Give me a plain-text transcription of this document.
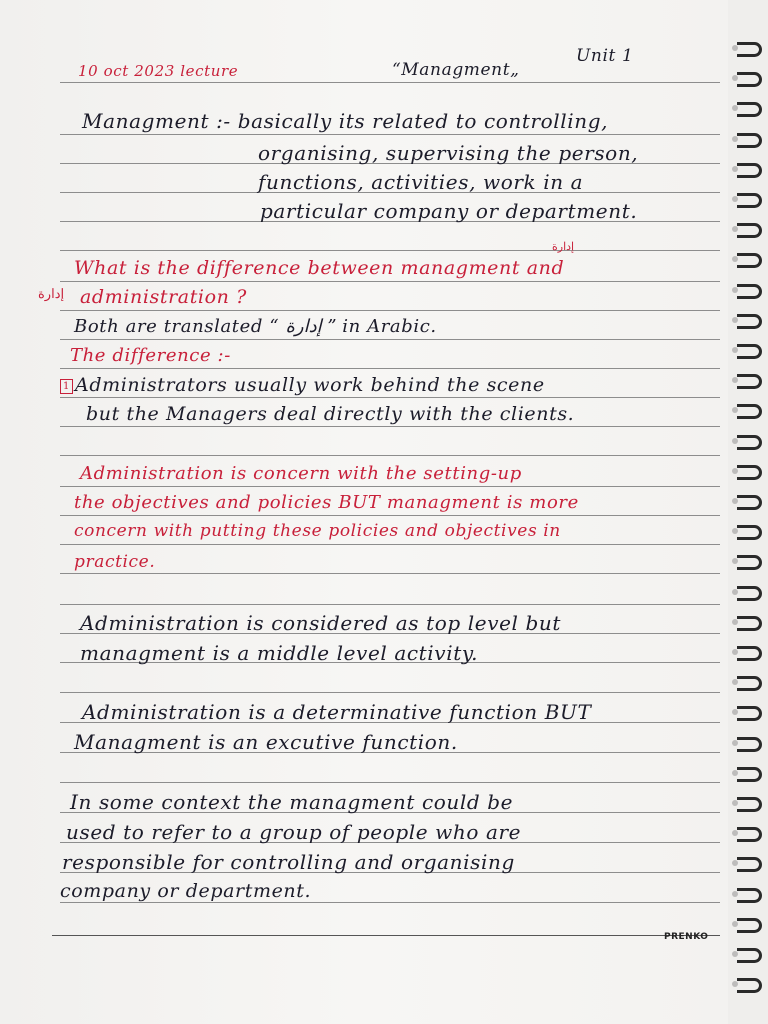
10 oct 2023 lecture	“Managment„
Unit 1
Managment :- basically its related to controlling,
organising, supervising the person,
functions, activities, work in a
particular company or department.
إدارة
What is the difference between managment and
إدارة administration ?
Both are translated “ إدارة ” in Arabic.
The difference :-
1 Administrators usually work behind the scene
but the Managers deal directly with the clients.
Administration is concern with the setting-up
the objectives and policies BUT managment is more
concern with putting these policies and objectives in
practice.
Administration is considered as top level but
managment is a middle level activity.
Administration is a determinative function BUT
Managment is an excutive function.
In some context the managment could be
used to refer to a group of people who are
responsible for controlling and organising
company or department.
PRENKO
